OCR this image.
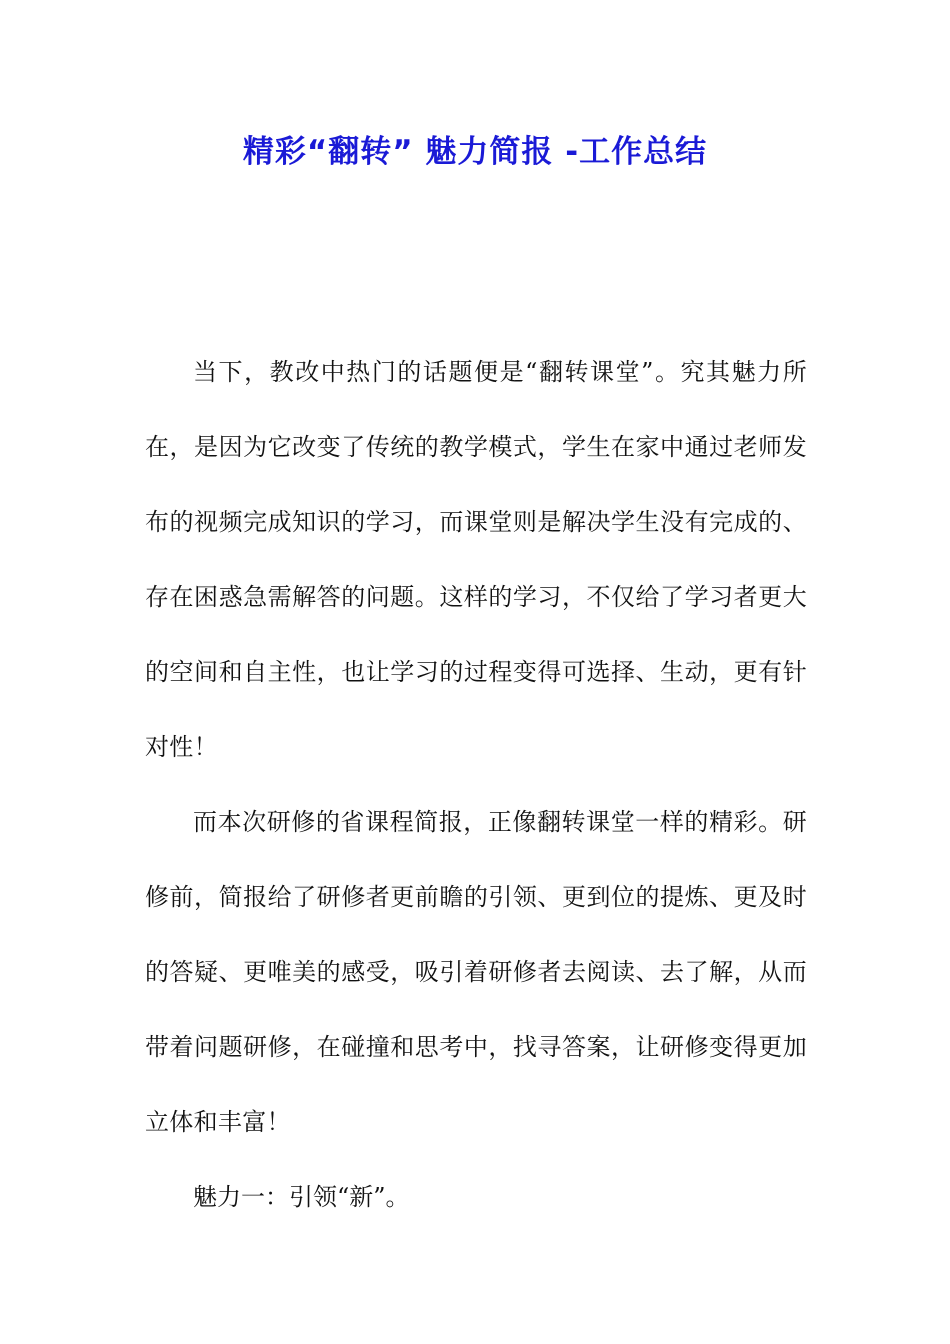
精彩“翻转” 魅力简报 -工作总结

当下，教改中热门的话题便是“翻转课堂”。究其魅力所在，是因为它改变了传统的教学模式，学生在家中通过老师发布的视频完成知识的学习，而课堂则是解决学生没有完成的、存在困惑急需解答的问题。这样的学习，不仅给了学习者更大的空间和自主性，也让学习的过程变得可选择、生动，更有针对性！

而本次研修的省课程简报，正像翻转课堂一样的精彩。研修前，简报给了研修者更前瞻的引领、更到位的提炼、更及时的答疑、更唯美的感受，吸引着研修者去阅读、去了解，从而带着问题研修，在碰撞和思考中，找寻答案，让研修变得更加立体和丰富！

魅力一：引领“新”。
